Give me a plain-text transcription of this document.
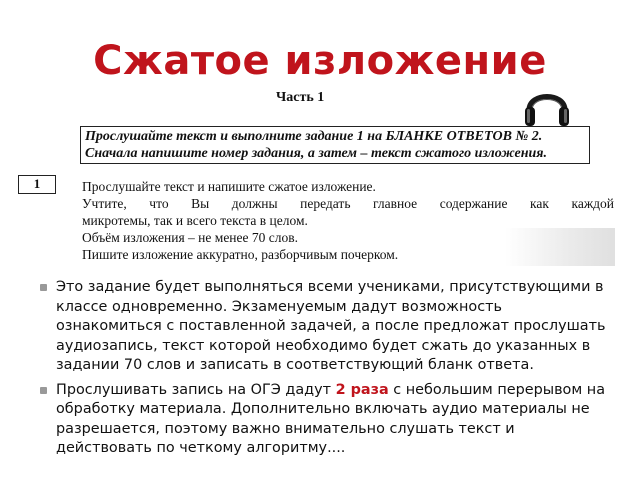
Сжатое изложение
Часть 1
Прослушайте текст и выполните задание 1 на БЛАНКЕ ОТВЕТОВ № 2.
Сначала напишите номер задания, а затем – текст сжатого изложения.
1	Прослушайте текст и напишите сжатое изложение.
Учтите, что Вы должны передать главное содержание как каждой
микротемы, так и всего текста в целом.
Объём изложения – не менее 70 слов.
Пишите изложение аккуратно, разборчивым почерком.
Это задание будет выполняться всеми учениками, присутствующими в классе одновременно. Экзаменуемым дадут возможность ознакомиться с поставленной задачей, а после предложат прослушать аудиозапись, текст которой необходимо будет сжать до указанных в задании 70 слов и записать в соответствующий бланк ответа.
Прослушивать запись на ОГЭ дадут 2 раза с небольшим перерывом на обработку материала. Дополнительно включать аудио материалы не разрешается, поэтому важно внимательно слушать текст и действовать по четкому алгоритму....
